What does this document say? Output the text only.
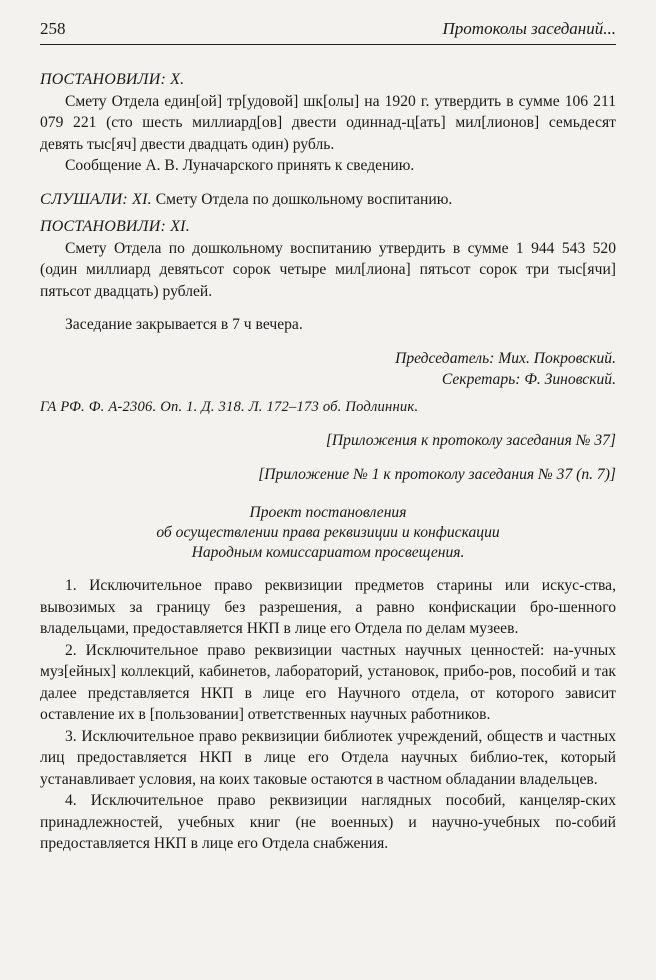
258	Протоколы заседаний...

ПОСТАНОВИЛИ: X.

Смету Отдела един[ой] тр[удовой] шк[олы] на 1920 г. утвердить в сумме 106 211 079 221 (сто шесть миллиард[ов] двести одиннад-ц[ать] мил[лионов] семьдесят девять тыс[яч] двести двадцать один) рубль.

Сообщение А. В. Луначарского принять к сведению.

СЛУШАЛИ: XI. Смету Отдела по дошкольному воспитанию.

ПОСТАНОВИЛИ: XI.

Смету Отдела по дошкольному воспитанию утвердить в сумме 1 944 543 520 (один миллиард девятьсот сорок четыре мил[лиона] пятьсот сорок три тыс[ячи] пятьсот двадцать) рублей.

Заседание закрывается в 7 ч вечера.

Председатель: Мих. Покровский.

Секретарь: Ф. Зиновский.

ГА РФ. Ф. А-2306. Оп. 1. Д. 318. Л. 172–173 об. Подлинник.

[Приложения к протоколу заседания № 37]

[Приложение № 1 к протоколу заседания № 37 (п. 7)]

Проект постановления
об осуществлении права реквизиции и конфискации
Народным комиссариатом просвещения.

1. Исключительное право реквизиции предметов старины или искус-ства, вывозимых за границу без разрешения, а равно конфискации бро-шенного владельцами, предоставляется НКП в лице его Отдела по делам музеев.

2. Исключительное право реквизиции частных научных ценностей: на-учных муз[ейных] коллекций, кабинетов, лабораторий, установок, прибо-ров, пособий и так далее представляется НКП в лице его Научного отдела, от которого зависит оставление их в [пользовании] ответственных научных работников.

3. Исключительное право реквизиции библиотек учреждений, обществ и частных лиц предоставляется НКП в лице его Отдела научных библио-тек, который устанавливает условия, на коих таковые остаются в частном обладании владельцев.

4. Исключительное право реквизиции наглядных пособий, канцеляр-ских принадлежностей, учебных книг (не военных) и научно-учебных по-собий предоставляется НКП в лице его Отдела снабжения.
